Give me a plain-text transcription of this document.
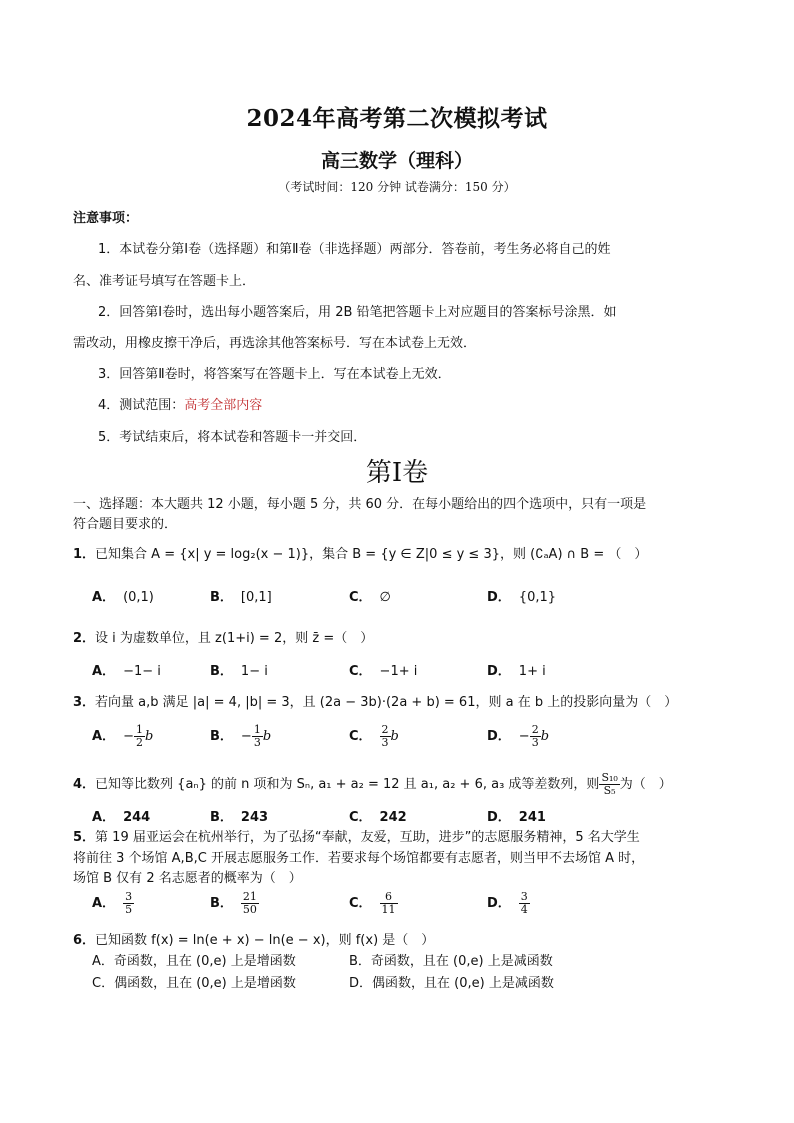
2024年高考第二次模拟考试
高三数学（理科）
（考试时间：120 分钟 试卷满分：150 分）
注意事项：
1．本试卷分第Ⅰ卷（选择题）和第Ⅱ卷（非选择题）两部分．答卷前，考生务必将自己的姓
名、准考证号填写在答题卡上．
2．回答第Ⅰ卷时，选出每小题答案后，用 2B 铅笔把答题卡上对应题目的答案标号涂黑．如
需改动，用橡皮擦干净后，再选涂其他答案标号．写在本试卷上无效．
3．回答第Ⅱ卷时，将答案写在答题卡上．写在本试卷上无效．
4．测试范围：高考全部内容
5．考试结束后，将本试卷和答题卡一并交回．
第Ⅰ卷
一、选择题：本大题共 12 小题，每小题 5 分，共 60 分．在每小题给出的四个选项中，只有一项是
符合题目要求的．
1．已知集合 A = {x| y = log₂(x − 1)}，集合 B = {y ∈ Z|0 ≤ y ≤ 3}，则 (∁ₐA) ∩ B = （　）
A． (0,1)	B． [0,1]	C． ∅	D． {0,1}
2．设 i 为虚数单位，且 z(1+i) = 2，则 z̄ =（　）
A． −1− i	B． 1− i	C． −1+ i	D． 1+ i
3．若向量 a,b 满足 |a| = 4, |b| = 3，且 (2a − 3b)·(2a + b) = 61，则 a 在 b 上的投影向量为（　）
A． − $\frac{1}{2}$ b	B． − $\frac{1}{3}$ b	C． $\frac{2}{3}$ b	D． − $\frac{2}{3}$ b
4．已知等比数列 {aₙ} 的前 n 项和为 Sₙ, a₁ + a₂ = 12 且 a₁, a₂ + 6, a₃ 成等差数列，则 $\frac{\text{S₁₀}}{\text{S₅}}$ 为（　）
A． 244	B． 243	C． 242	D． 241
5．第 19 届亚运会在杭州举行，为了弘扬“奉献，友爱，互助，进步”的志愿服务精神，5 名大学生
将前往 3 个场馆 A,B,C 开展志愿服务工作．若要求每个场馆都要有志愿者，则当甲不去场馆 A 时，
场馆 B 仅有 2 名志愿者的概率为（　）
A． $\frac{3}{5}$	B． $\frac{21}{50}$	C． $\frac{6}{11}$	D． $\frac{3}{4}$
6．已知函数 f(x) = ln(e + x) − ln(e − x)，则 f(x) 是（　）
A．奇函数，且在 (0,e) 上是增函数	B．奇函数，且在 (0,e) 上是减函数
C．偶函数，且在 (0,e) 上是增函数	D．偶函数，且在 (0,e) 上是减函数
